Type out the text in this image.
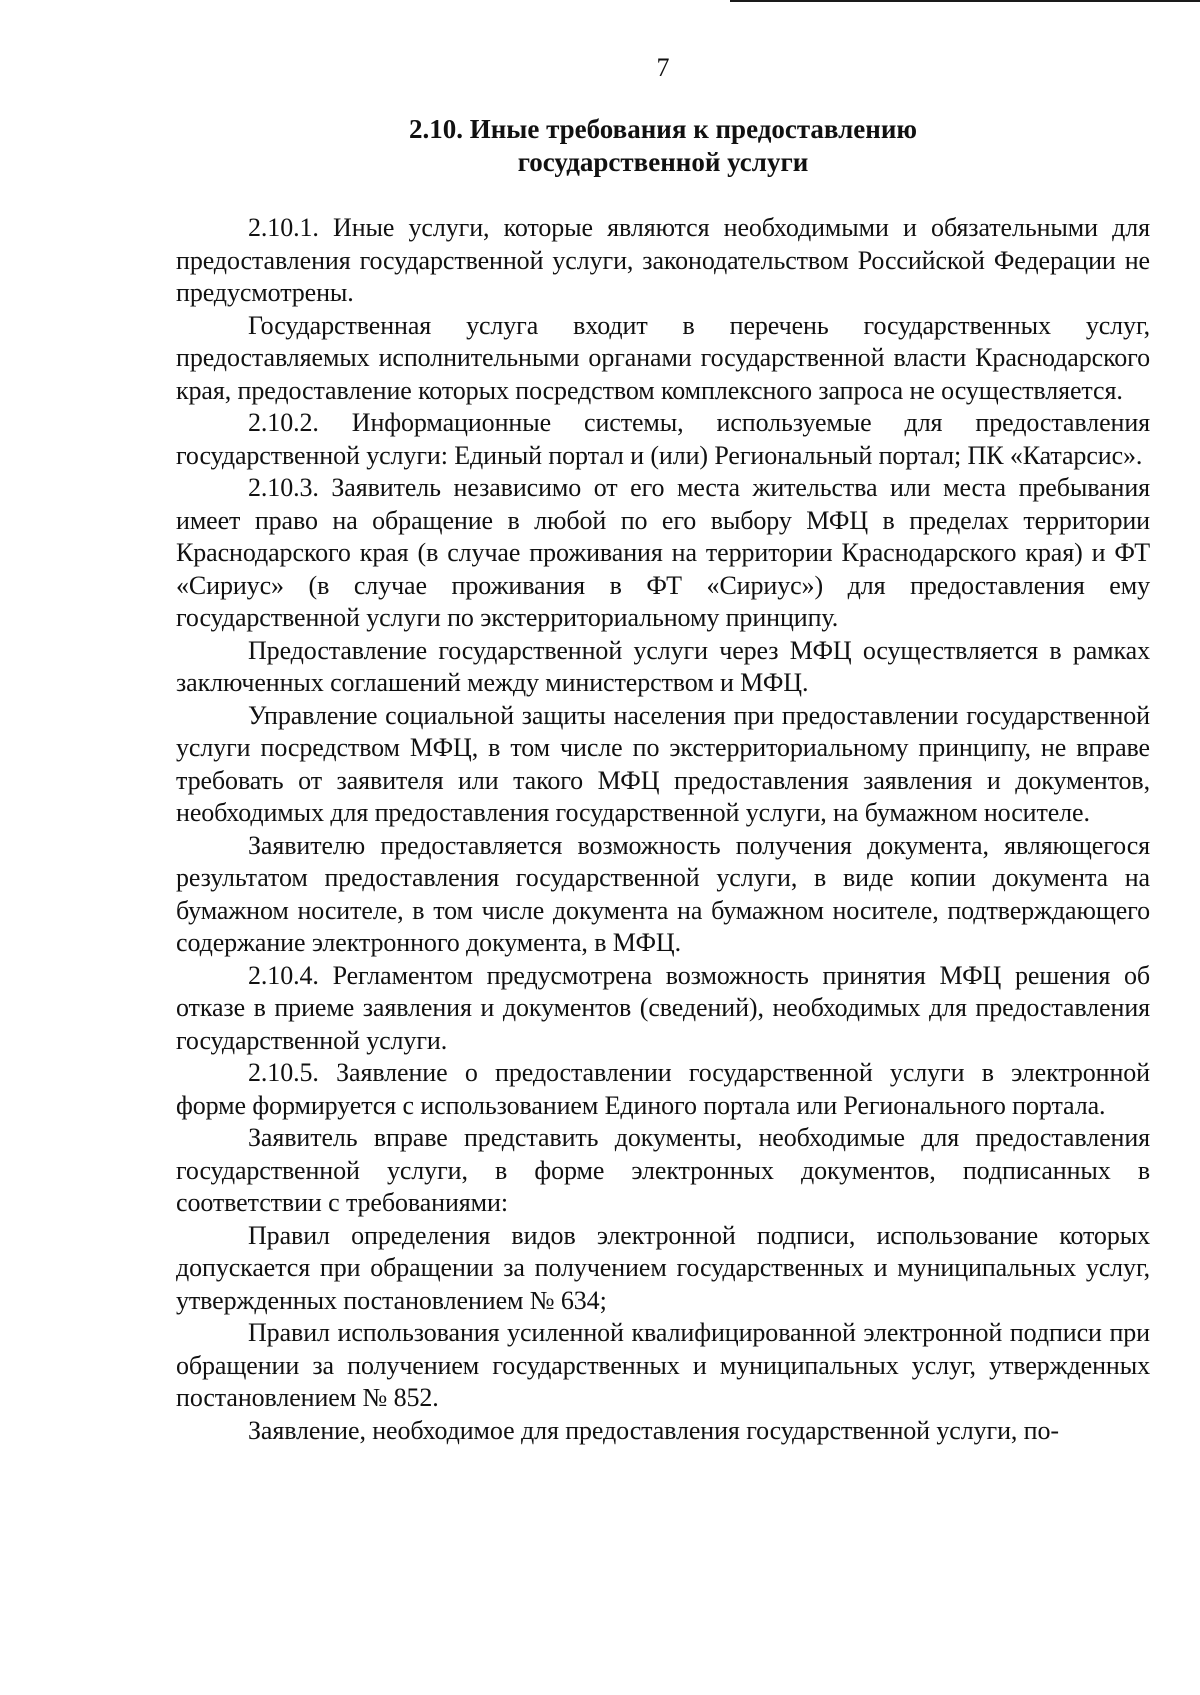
7
2.10. Иные требования к предоставлению
государственной услуги

2.10.1. Иные услуги, которые являются необходимыми и обязательными для предоставления государственной услуги, законодательством Российской Федерации не предусмотрены.

Государственная услуга входит в перечень государственных услуг, предоставляемых исполнительными органами государственной власти Краснодарского края, предоставление которых посредством комплексного запроса не осуществляется.

2.10.2. Информационные системы, используемые для предоставления государственной услуги: Единый портал и (или) Региональный портал; ПК «Катарсис».

2.10.3. Заявитель независимо от его места жительства или места пребывания имеет право на обращение в любой по его выбору МФЦ в пределах территории Краснодарского края (в случае проживания на территории Краснодарского края) и ФТ «Сириус» (в случае проживания в ФТ «Сириус») для предоставления ему государственной услуги по экстерриториальному принципу.

Предоставление государственной услуги через МФЦ осуществляется в рамках заключенных соглашений между министерством и МФЦ.

Управление социальной защиты населения при предоставлении государственной услуги посредством МФЦ, в том числе по экстерриториальному принципу, не вправе требовать от заявителя или такого МФЦ предоставления заявления и документов, необходимых для предоставления государственной услуги, на бумажном носителе.

Заявителю предоставляется возможность получения документа, являющегося результатом предоставления государственной услуги, в виде копии документа на бумажном носителе, в том числе документа на бумажном носителе, подтверждающего содержание электронного документа, в МФЦ.

2.10.4. Регламентом предусмотрена возможность принятия МФЦ решения об отказе в приеме заявления и документов (сведений), необходимых для предоставления государственной услуги.

2.10.5. Заявление о предоставлении государственной услуги в электронной форме формируется с использованием Единого портала или Регионального портала.

Заявитель вправе представить документы, необходимые для предоставления государственной услуги, в форме электронных документов, подписанных в соответствии с требованиями:

Правил определения видов электронной подписи, использование которых допускается при обращении за получением государственных и муниципальных услуг, утвержденных постановлением № 634;

Правил использования усиленной квалифицированной электронной подписи при обращении за получением государственных и муниципальных услуг, утвержденных постановлением № 852.

Заявление, необходимое для предоставления государственной услуги, по-
